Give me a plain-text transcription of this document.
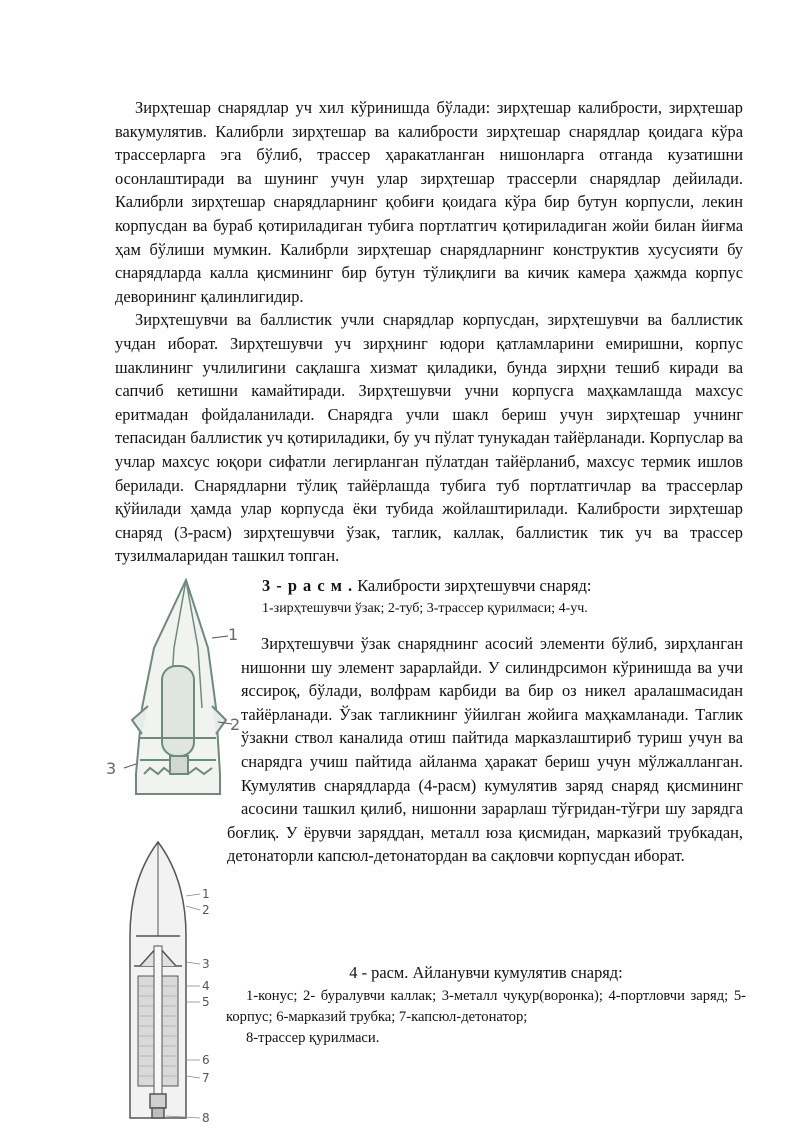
Зирҳтешар снарядлар уч хил кўринишда бўлади: зирҳтешар калиброcти, зирҳтешар вакумулятив. Калибрли зирҳтешар ва калиброcти зирҳтешар снарядлар қоидага кўра трассерларга эга бўлиб, трассер ҳаракатланган нишонларга отганда кузатишни осонлаштиради ва шунинг учун улар зирҳтешар трассерли снарядлар дейилади. Калибрли зирҳтешар снарядларнинг қобиғи қоидага кўра бир бутун корпусли, лекин корпусдан ва бураб қотириладиган тубига портлатгич қотириладиган жойи билан йиғма ҳам бўлиши мумкин. Калибрли зирҳтешар снарядларнинг конструктив хусусияти бу снарядларда калла қисмининг бир бутун тўлиқлиги ва кичик камера ҳажмда корпус деворининг қалинлигидир.

Зирҳтешувчи ва баллистик учли снарядлар корпусдан, зирҳтешувчи ва баллистик учдан иборат. Зирҳтешувчи уч зирҳнинг юдори қатламларини емиришни, корпус шаклининг учлилигини сақлашга хизмат қиладики, бунда зирҳни тешиб киради ва сапчиб кетишни камайтиради. Зирҳтешувчи учни корпусга маҳкамлашда махсус еритмадан фойдаланилади. Снарядга учли шакл бериш учун зирҳтешар учнинг тепасидан баллистик уч қотириладики, бу уч пўлат тунукадан тайёрланади. Корпуслар ва учлар махсус юқори сифатли легирланган пўлатдан тайёрланиб, махсус термик ишлов берилади. Снарядларни тўлиқ тайёрлашда тубига туб портлатгичлар ва трассерлар қўйилади ҳамда улар корпусда ёки тубида жойлаштирилади. Калиброcти зирҳтешар снаряд (3-расм) зирҳтешувчи ўзак, таглик, каллак, баллистик тик уч ва трассер тузилмаларидан ташкил топган.

3 - р а с м . Калиброcти зирҳтешувчи снаряд:
1-зирҳтешувчи ўзак; 2-туб; 3-трассер қурилмаси; 4-уч.

Зирҳтешувчи ўзак снаряднинг асосий элементи бўлиб, зирҳланган нишонни шу элемент зарарлайди. У силиндрсимон кўринишда ва учи яссироқ, бўлади, волфрам карбиди ва бир оз никел аралашмасидан тайёрланади. Ўзак тагликнинг ўйилган жойига маҳкамланади. Таглик ўзакни ствол каналида отиш пайтида марказлаштириб туриш учун ва снарядга учиш пайтида айланма ҳаракат бериш учун мўлжалланган. Кумулятив снарядларда (4-расм) кумулятив заряд снаряд қисмининг асосини ташкил қилиб, нишонни зарарлаш тўғридан-тўғри шу зарядга боғлиқ. У ёрувчи заряддан, металл юза қисмидан, марказий трубкадан, детонаторли капсюл-детонатордан ва сақловчи корпусдан иборат.

1
2
3
1
2
3
4
5
6
7
8
4 - расм. Айланувчи кумулятив снаряд:
1-конус; 2- буралувчи каллак; 3-металл чуқур(воронка); 4-портловчи заряд; 5-корпус; 6-марказий трубка; 7-капсюл-детонатор;
8-трассер қурилмаси.
